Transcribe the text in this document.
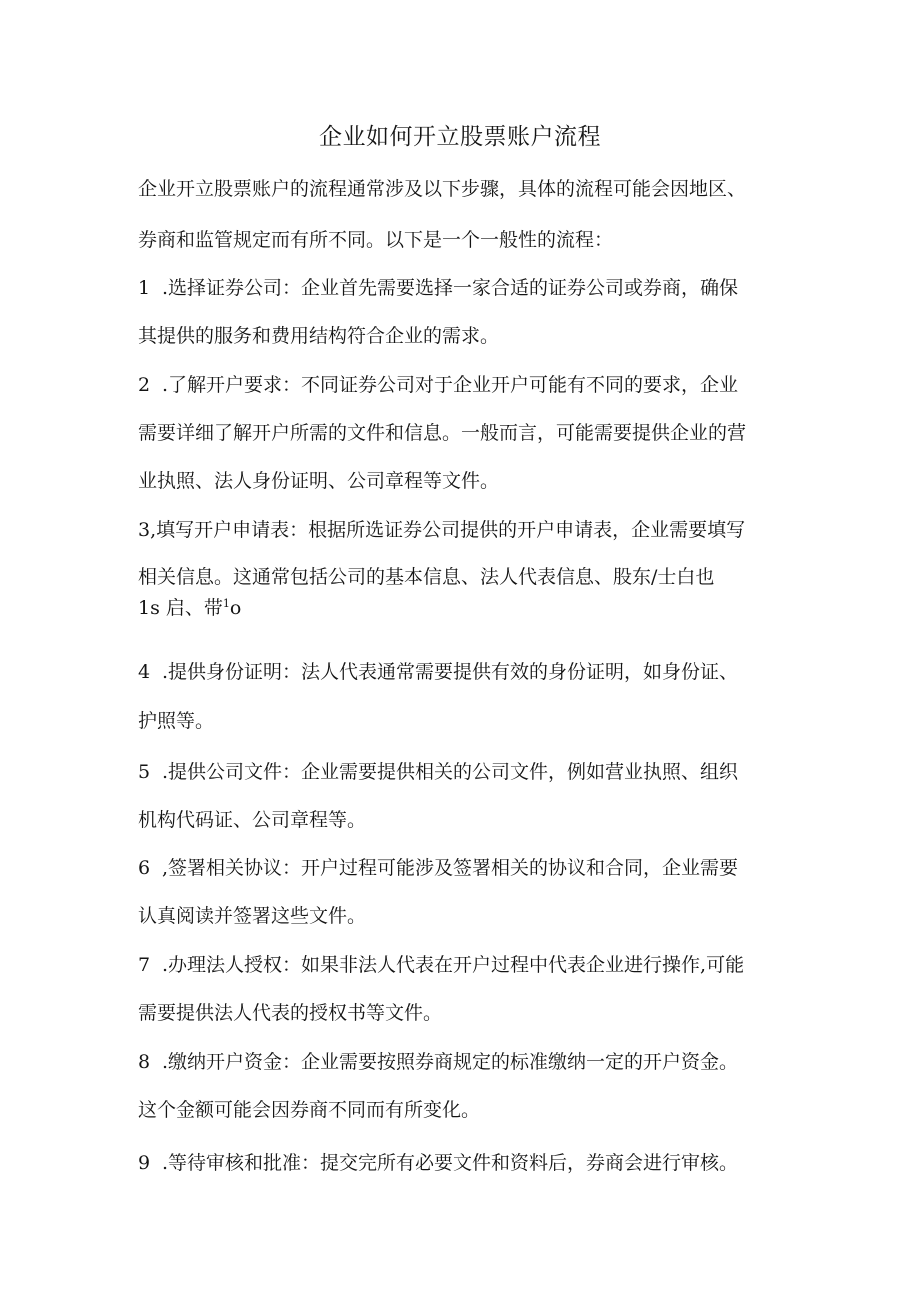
企业如何开立股票账户流程
企业开立股票账户的流程通常涉及以下步骤，具体的流程可能会因地区、
券商和监管规定而有所不同。以下是一个一般性的流程：
1 .选择证券公司：企业首先需要选择一家合适的证券公司或券商，确保
其提供的服务和费用结构符合企业的需求。
2 .了解开户要求：不同证券公司对于企业开户可能有不同的要求，企业
需要详细了解开户所需的文件和信息。一般而言，可能需要提供企业的营
业执照、法人身份证明、公司章程等文件。
3,填写开户申请表：根据所选证券公司提供的开户申请表，企业需要填写
相关信息。这通常包括公司的基本信息、法人代表信息、股东/士白也
1s 启、带$^1$o
4 .提供身份证明：法人代表通常需要提供有效的身份证明，如身份证、
护照等。
5 .提供公司文件：企业需要提供相关的公司文件，例如营业执照、组织
机构代码证、公司章程等。
6 ,签署相关协议：开户过程可能涉及签署相关的协议和合同，企业需要
认真阅读并签署这些文件。
7 .办理法人授权：如果非法人代表在开户过程中代表企业进行操作,可能
需要提供法人代表的授权书等文件。
8 .缴纳开户资金：企业需要按照券商规定的标准缴纳一定的开户资金。
这个金额可能会因券商不同而有所变化。
9 .等待审核和批准：提交完所有必要文件和资料后，券商会进行审核。
